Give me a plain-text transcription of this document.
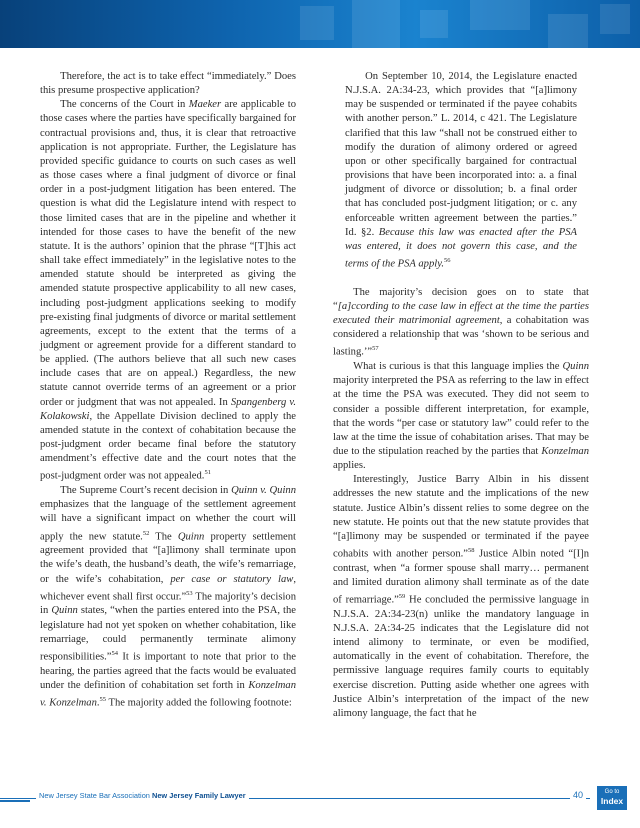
Therefore, the act is to take effect “immediately.” Does this presume prospective application?

The concerns of the Court in Maeker are applicable to those cases where the parties have specifically bargained for contractual provisions and, thus, it is clear that retroactive application is not appropriate. Further, the Legislature has provided specific guidance to courts on such cases as well as those cases where a final judgment of divorce or final order in a post-judgment litigation has been entered. The question is what did the Legislature intend with respect to those limited cases that are in the pipeline and whether it intended for those cases to have the benefit of the new statute. It is the authors’ opinion that the phrase “[T]his act shall take effect immediately” in the legislative notes to the amended statute should be interpreted as giving the amended statute prospective applicability to all new cases, including post-judgment applications seeking to modify pre-existing final judgments of divorce or marital settlement agreements, except to the extent that the terms of a judgment or agreement provide for a different standard to be applied. (The authors believe that all such new cases include cases that are on appeal.) Regardless, the new statute cannot override terms of an agreement or a prior order or judgment that was not appealed. In Spangenberg v. Kolakowski, the Appellate Division declined to apply the amended statute in the context of cohabitation because the post-judgment order became final before the statutory amendment’s effective date and the court notes that the post-judgment order was not appealed.$^{51}$

The Supreme Court’s recent decision in Quinn v. Quinn emphasizes that the language of the settlement agreement will have a significant impact on whether the court will apply the new statute.$^{52}$ The Quinn property settlement agreement provided that “[a]limony shall terminate upon the wife’s death, the husband’s death, the wife’s remarriage, or the wife’s cohabitation, per case or statutory law, whichever event shall first occur.”$^{53}$ The majority’s decision in Quinn states, “when the parties entered into the PSA, the legislature had not yet spoken on whether cohabitation, like remarriage, could permanently terminate alimony responsibilities.”$^{54}$ It is important to note that prior to the hearing, the parties agreed that the facts would be evaluated under the definition of cohabitation set forth in Konzelman v. Konzelman.$^{55}$ The majority added the following footnote:

On September 10, 2014, the Legislature enacted N.J.S.A. 2A:34-23, which provides that “[a]limony may be suspended or terminated if the payee cohabits with another person.” L. 2014, c 421. The Legislature clarified that this law “shall not be construed either to modify the duration of alimony ordered or agreed upon or other specifically bargained for contractual provisions that have been incorporated into: a. a final judgment of divorce or dissolution; b. a final order that has concluded post-judgment litigation; or c. any enforceable written agreement between the parties.” Id. §2. Because this law was enacted after the PSA was entered, it does not govern this case, and the terms of the PSA apply.$^{56}$

The majority’s decision goes on to state that “[a]ccording to the case law in effect at the time the parties executed their matrimonial agreement, a cohabitation was considered a relationship that was ‘shown to be serious and lasting.’”$^{57}$

What is curious is that this language implies the Quinn majority interpreted the PSA as referring to the law in effect at the time the PSA was executed. They did not seem to consider a possible different interpretation, for example, that the words “per case or statutory law” could refer to the law at the time the issue of cohabitation arises. That may be due to the stipulation reached by the parties that Konzelman applies.

Interestingly, Justice Barry Albin in his dissent addresses the new statute and the implications of the new statute. Justice Albin’s dissent relies to some degree on the new statute. He points out that the new statute provides that “[a]limony may be suspended or terminated if the payee cohabits with another person.”$^{58}$ Justice Albin noted “[I]n contrast, when “a former spouse shall marry… permanent and limited duration alimony shall terminate as of the date of remarriage.”$^{59}$ He concluded the permissive language in N.J.S.A. 2A:34-23(n) unlike the mandatory language in N.J.S.A. 2A:34-25 indicates that the Legislature did not intend alimony to terminate, or even be modified, automatically in the event of cohabitation. Therefore, the permissive language requires family courts to equitably exercise discretion. Putting aside whether one agrees with Justice Albin’s interpretation of the impact of the new alimony language, the fact that he

New Jersey State Bar Association New Jersey Family Lawyer	40	Go to
Index
